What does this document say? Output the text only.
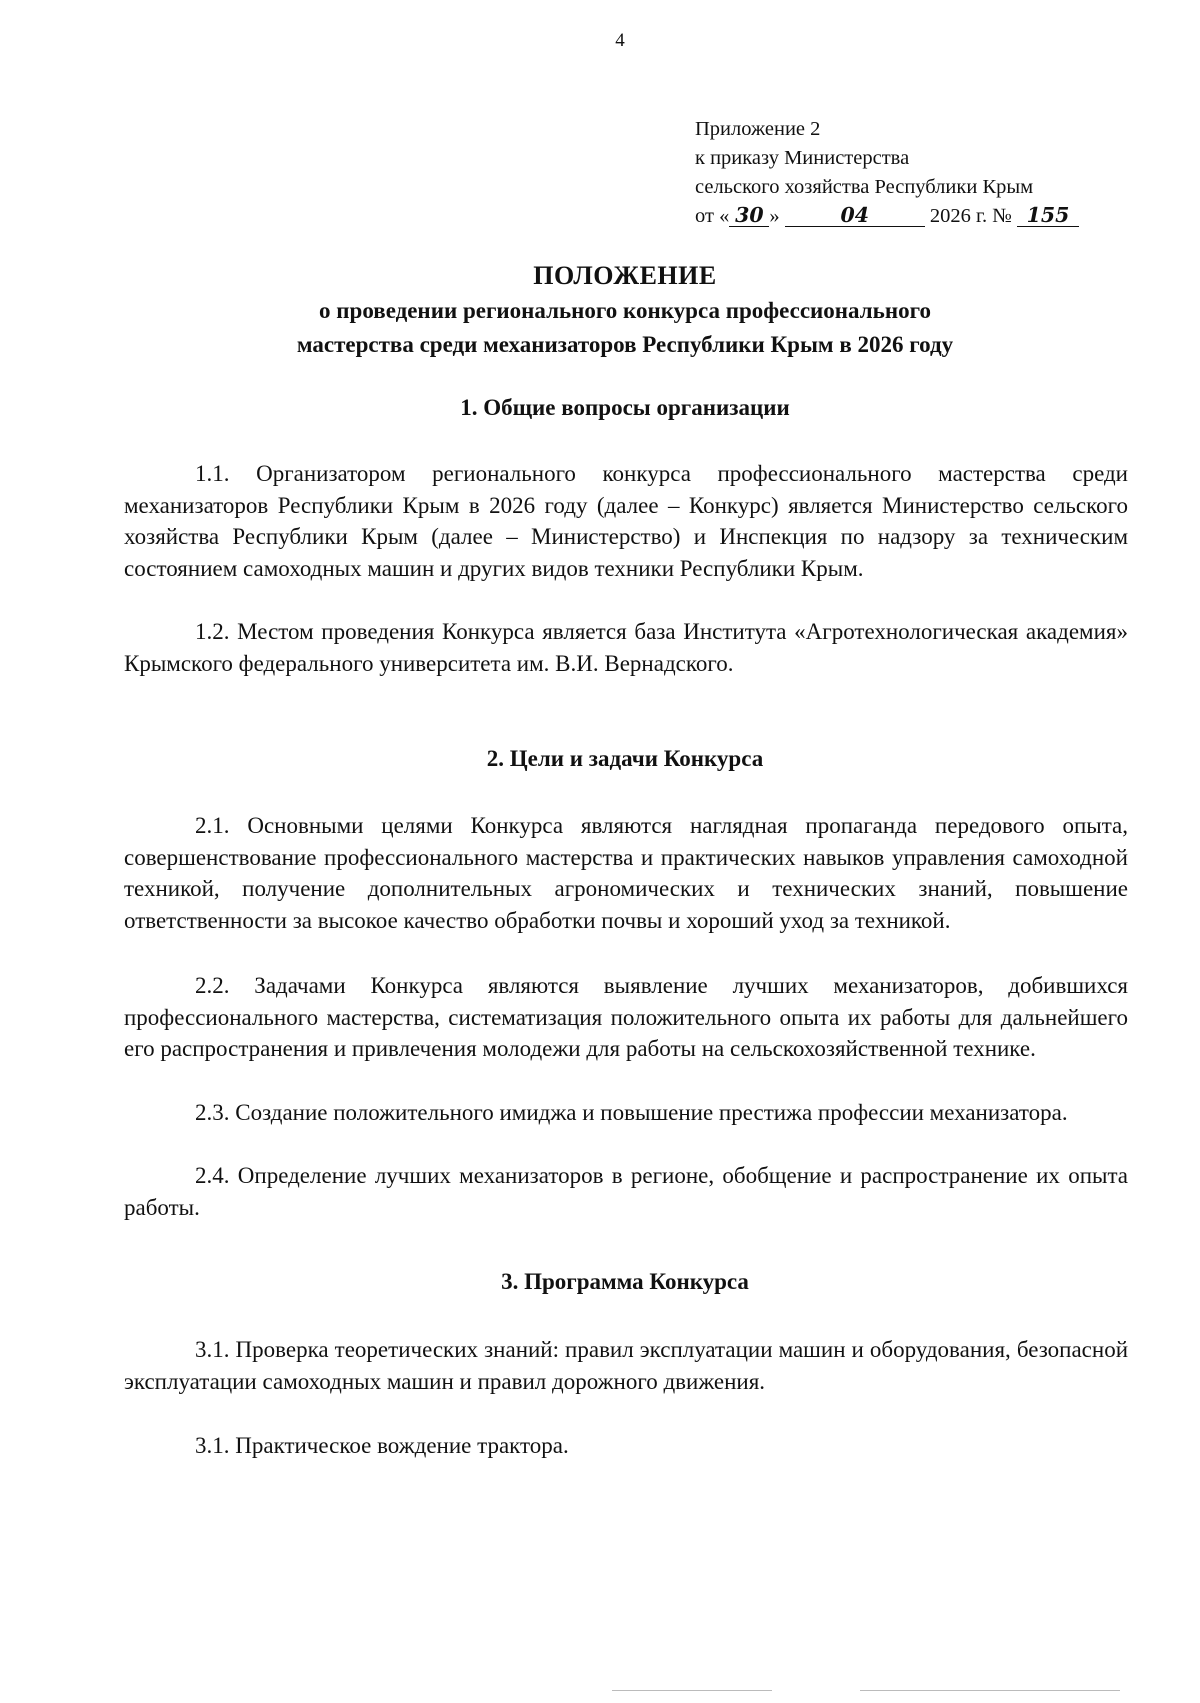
4
Приложение 2
к приказу Министерства
сельского хозяйства Республики Крым
от « 30 »	04	2026 г. № 155
ПОЛОЖЕНИЕ
о проведении регионального конкурса профессионального
мастерства среди механизаторов Республики Крым в 2026 году
1. Общие вопросы организации

1.1. Организатором регионального конкурса профессионального мастерства среди механизаторов Республики Крым в 2026 году (далее – Конкурс) является Министерство сельского хозяйства Республики Крым (далее – Министерство) и Инспекция по надзору за техническим состоянием самоходных машин и других видов техники Республики Крым.

1.2. Местом проведения Конкурса является база Института «Агротехнологическая академия» Крымского федерального университета им. В.И. Вернадского.

2. Цели и задачи Конкурса

2.1. Основными целями Конкурса являются наглядная пропаганда передового опыта, совершенствование профессионального мастерства и практических навыков управления самоходной техникой, получение дополнительных агрономических и технических знаний, повышение ответственности за высокое качество обработки почвы и хороший уход за техникой.

2.2. Задачами Конкурса являются выявление лучших механизаторов, добившихся профессионального мастерства, систематизация положительного опыта их работы для дальнейшего его распространения и привлечения молодежи для работы на сельскохозяйственной технике.

2.3. Создание положительного имиджа и повышение престижа профессии механизатора.

2.4. Определение лучших механизаторов в регионе, обобщение и распространение их опыта работы.

3. Программа Конкурса

3.1. Проверка теоретических знаний: правил эксплуатации машин и оборудования, безопасной эксплуатации самоходных машин и правил дорожного движения.

3.1. Практическое вождение трактора.
